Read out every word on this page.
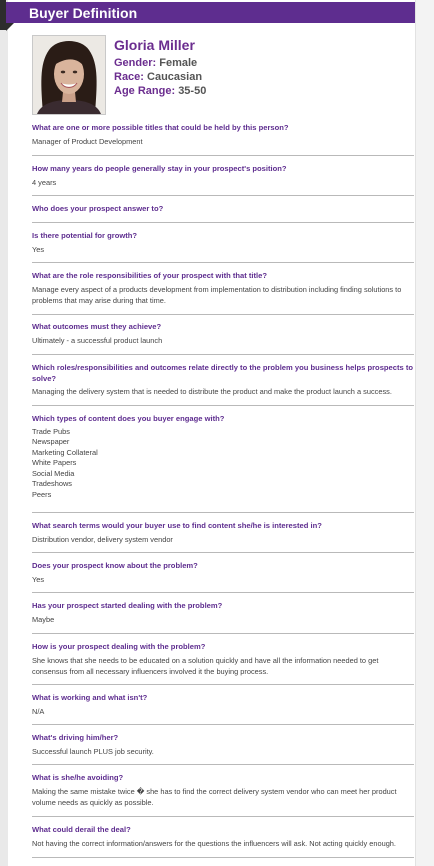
Buyer Definition
Gloria Miller
Gender: Female
Race: Caucasian
Age Range: 35-50

What are one or more possible titles that could be held by this person?

Manager of Product Development

How many years do people generally stay in your prospect's position?

4 years

Who does your prospect answer to?

Is there potential for growth?

Yes

What are the role responsibilities of your prospect with that title?

Manage every aspect of a products development from implementation to distribution including finding solutions to problems that may arise during that time.

What outcomes must they achieve?

Ultimately - a successful product launch

Which roles/responsibilities and outcomes relate directly to the problem you business helps prospects to solve?

Managing the delivery system that is needed to distribute the product and make the product launch a success.

Which types of content does you buyer engage with?

Trade Pubs
Newspaper
Marketing Collateral
White Papers
Social Media
Tradeshows
Peers

What search terms would your buyer use to find content she/he is interested in?

Distribution vendor, delivery system vendor

Does your prospect know about the problem?

Yes

Has your prospect started dealing with the problem?

Maybe

How is your prospect dealing with the problem?

She knows that she needs to be educated on a solution quickly and have all the information needed to get consensus from all necessary influencers involved it the buying process.

What is working and what isn't?

N/A

What's driving him/her?

Successful launch PLUS job security.

What is she/he avoiding?

Making the same mistake twice � she has to find the correct delivery system vendor who can meet her product volume needs as quickly as possible.

What could derail the deal?

Not having the correct information/answers for the questions the influencers will ask. Not acting quickly enough.
